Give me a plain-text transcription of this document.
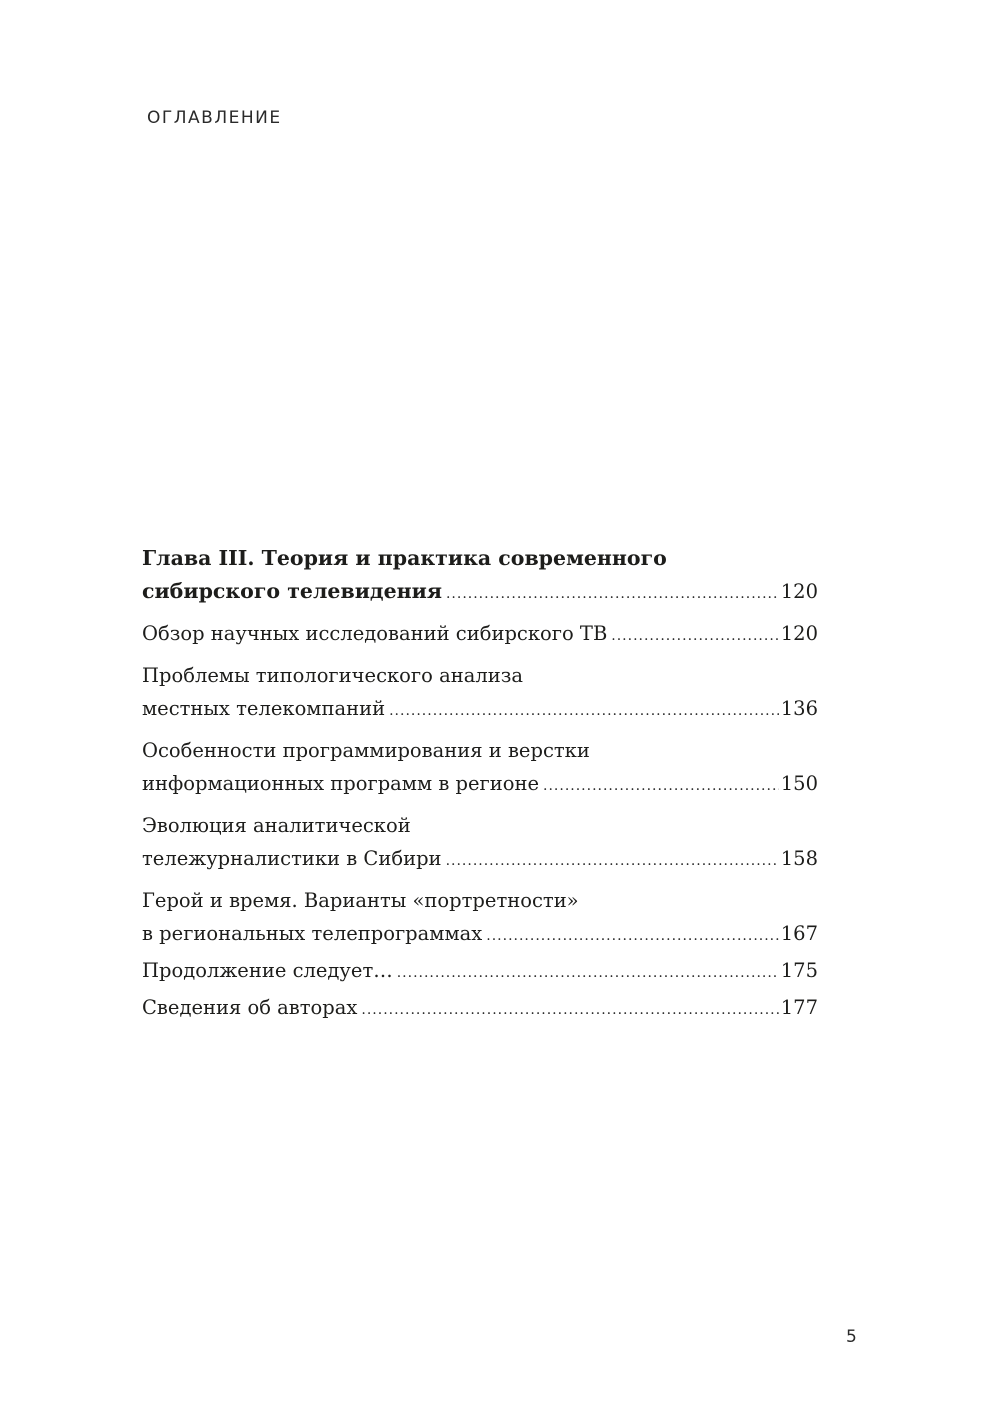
ОГЛАВЛЕНИЕ
Глава III. Теория и практика современного
сибирского телевидения .....	120
Обзор научных исследований сибирского ТВ .....	120
Проблемы типологического анализа
местных телекомпаний .....	136
Особенности программирования и верстки
информационных программ в регионе .....	150
Эволюция аналитической
тележурналистики в Сибири .....	158
Герой и время. Варианты «портретности»
в региональных телепрограммах .....	167
Продолжение следует… .....	175
Сведения об авторах .....	177
5
